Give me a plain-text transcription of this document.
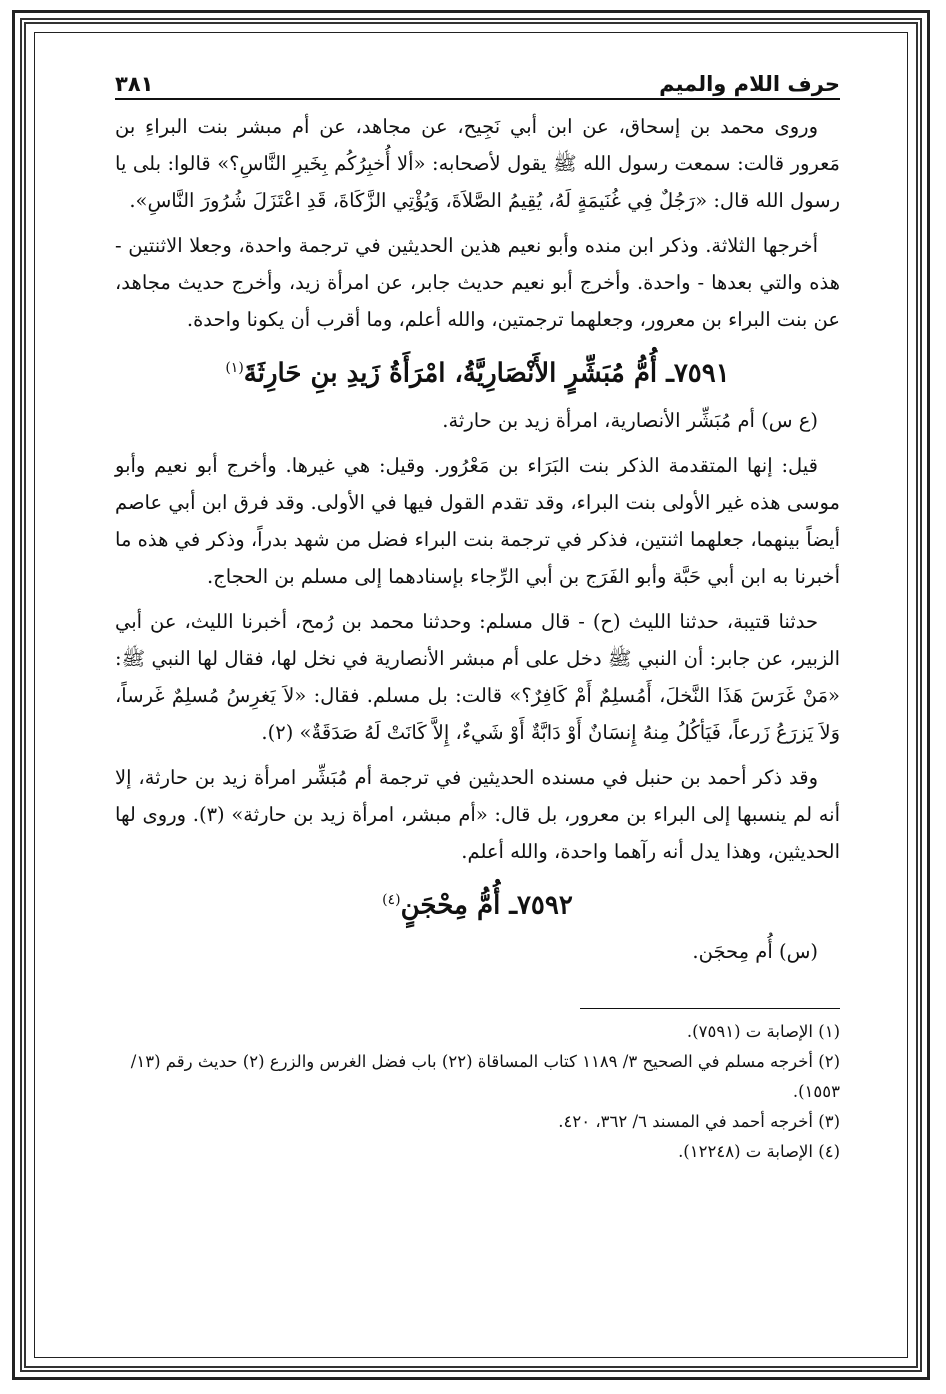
حرف اللام والميم
٣٨١

وروى محمد بن إسحاق، عن ابن أبي نَجِيح، عن مجاهد، عن أم مبشر بنت البراءِ بن مَعرور قالت: سمعت رسول الله ﷺ يقول لأصحابه: «ألا أُخبِرُكُم بِخَيرِ النَّاسِ؟» قالوا: بلى يا رسول الله قال: «رَجُلٌ فِي غُنَيمَةٍ لَهُ، يُقِيمُ الصَّلاَةَ، وَيُؤْتِي الزَّكَاةَ، قَدِ اعْتَزَلَ شُرُورَ النَّاسِ».

أخرجها الثلاثة. وذكر ابن منده وأبو نعيم هذين الحديثين في ترجمة واحدة، وجعلا الاثنتين - هذه والتي بعدها - واحدة. وأخرج أبو نعيم حديث جابر، عن امرأة زيد، وأخرج حديث مجاهد، عن بنت البراء بن معرور، وجعلهما ترجمتين، والله أعلم، وما أقرب أن يكونا واحدة.

٧٥٩١ـ أُمُّ مُبَشِّرٍ الأَنْصَارِيَّةُ، امْرَأَةُ زَيدِ بنِ حَارِثَةَ$^{(١)}$

(ع س) أم مُبَشِّر الأنصارية، امرأة زيد بن حارثة.

قيل: إنها المتقدمة الذكر بنت البَرَاء بن مَعْرُور. وقيل: هي غيرها. وأخرج أبو نعيم وأبو موسى هذه غير الأولى بنت البراء، وقد تقدم القول فيها في الأولى. وقد فرق ابن أبي عاصم أيضاً بينهما، جعلهما اثنتين، فذكر في ترجمة بنت البراء فضل من شهد بدراً، وذكر في هذه ما أخبرنا به ابن أبي حَبَّة وأبو الفَرَج بن أبي الرِّجاء بإسنادهما إلى مسلم بن الحجاج.

حدثنا قتيبة، حدثنا الليث (ح) - قال مسلم: وحدثنا محمد بن رُمح، أخبرنا الليث، عن أبي الزبير، عن جابر: أن النبي ﷺ دخل على أم مبشر الأنصارية في نخل لها، فقال لها النبي ﷺ: «مَنْ غَرَسَ هَذَا النَّخلَ، أَمُسلِمٌ أَمْ كَافِرٌ؟» قالت: بل مسلم. فقال: «لاَ يَغرِسُ مُسلِمٌ غَرساً، وَلاَ يَزرَعُ زَرعاً، فَيَأكُلُ مِنهُ إِنسَانٌ أَوْ دَابَّةٌ أَوْ شَيءٌ، إِلاَّ كَانَتْ لَهُ صَدَقَةٌ» (٢).

وقد ذكر أحمد بن حنبل في مسنده الحديثين في ترجمة أم مُبَشِّر امرأة زيد بن حارثة، إلا أنه لم ينسبها إلى البراء بن معرور، بل قال: «أم مبشر، امرأة زيد بن حارثة» (٣). وروى لها الحديثين، وهذا يدل أنه رآهما واحدة، والله أعلم.

٧٥٩٢ـ أُمُّ مِحْجَنٍ$^{(٤)}$

(س) أُم مِحجَن.

(١) الإصابة ت (٧٥٩١).

(٢) أخرجه مسلم في الصحيح ٣/ ١١٨٩ كتاب المساقاة (٢٢) باب فضل الغرس والزرع (٢) حديث رقم (١٣/ ١٥٥٣).

(٣) أخرجه أحمد في المسند ٦/ ٣٦٢، ٤٢٠.

(٤) الإصابة ت (١٢٢٤٨).
